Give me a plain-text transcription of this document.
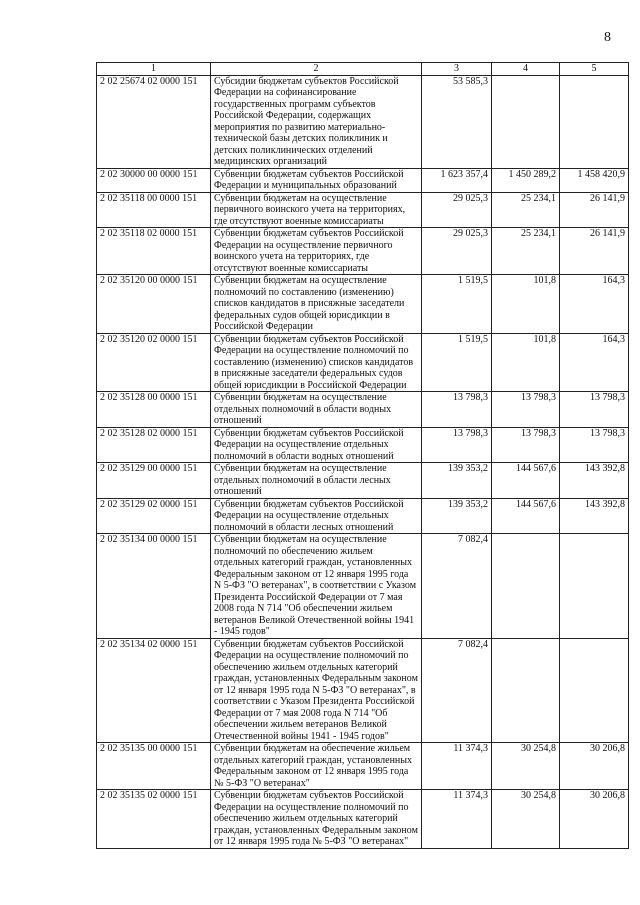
8
1	2	3	4	5
2 02 25674 02 0000 151	Субсидии бюджетам субъектов Российской Федерации на софинансирование государственных программ субъектов Российской Федерации, содержащих мероприятия по развитию материально-технической базы детских поликлиник и детских поликлинических отделений медицинских организаций	53 585,3		
2 02 30000 00 0000 151	Субвенции бюджетам субъектов Российской Федерации и муниципальных образований	1 623 357,4	1 450 289,2	1 458 420,9
2 02 35118 00 0000 151	Субвенции бюджетам на осуществление первичного воинского учета на территориях, где отсутствуют военные комиссариаты	29 025,3	25 234,1	26 141,9
2 02 35118 02 0000 151	Субвенции бюджетам субъектов Российской Федерации на осуществление первичного воинского учета на территориях, где отсутствуют военные комиссариаты	29 025,3	25 234,1	26 141,9
2 02 35120 00 0000 151	Субвенции бюджетам на осуществление полномочий по составлению (изменению) списков кандидатов в присяжные заседатели федеральных судов общей юрисдикции в Российской Федерации	1 519,5	101,8	164,3
2 02 35120 02 0000 151	Субвенции бюджетам субъектов Российской Федерации на осуществление полномочий по составлению (изменению) списков кандидатов в присяжные заседатели федеральных судов общей юрисдикции в Российской Федерации	1 519,5	101,8	164,3
2 02 35128 00 0000 151	Субвенции бюджетам на осуществление отдельных полномочий в области водных отношений	13 798,3	13 798,3	13 798,3
2 02 35128 02 0000 151	Субвенции бюджетам субъектов Российской Федерации на осуществление отдельных полномочий в области водных отношений	13 798,3	13 798,3	13 798,3
2 02 35129 00 0000 151	Субвенции бюджетам на осуществление отдельных полномочий в области лесных отношений	139 353,2	144 567,6	143 392,8
2 02 35129 02 0000 151	Субвенции бюджетам субъектов Российской Федерации на осуществление отдельных полномочий в области лесных отношений	139 353,2	144 567,6	143 392,8
2 02 35134 00 0000 151	Субвенции бюджетам на осуществление полномочий по обеспечению жильем отдельных категорий граждан, установленных Федеральным законом от 12 января 1995 года N 5-ФЗ "О ветеранах", в соответствии с Указом Президента Российской Федерации от 7 мая 2008 года N 714 "Об обеспечении жильем ветеранов Великой Отечественной войны 1941 - 1945 годов"	7 082,4		
2 02 35134 02 0000 151	Субвенции бюджетам субъектов Российской Федерации на осуществление полномочий по обеспечению жильем отдельных категорий граждан, установленных Федеральным законом от 12 января 1995 года N 5-ФЗ "О ветеранах", в соответствии с Указом Президента Российской Федерации от 7 мая 2008 года N 714 "Об обеспечении жильем ветеранов Великой Отечественной войны 1941 - 1945 годов"	7 082,4		
2 02 35135 00 0000 151	Субвенции бюджетам на обеспечение жильем отдельных категорий граждан, установленных Федеральным законом от 12 января 1995 года № 5-ФЗ "О ветеранах"	11 374,3	30 254,8	30 206,8
2 02 35135 02 0000 151	Субвенции бюджетам субъектов Российской Федерации на осуществление полномочий по обеспечению жильем отдельных категорий граждан, установленных Федеральным законом от 12 января 1995 года № 5-ФЗ "О ветеранах"	11 374,3	30 254,8	30 206,8
